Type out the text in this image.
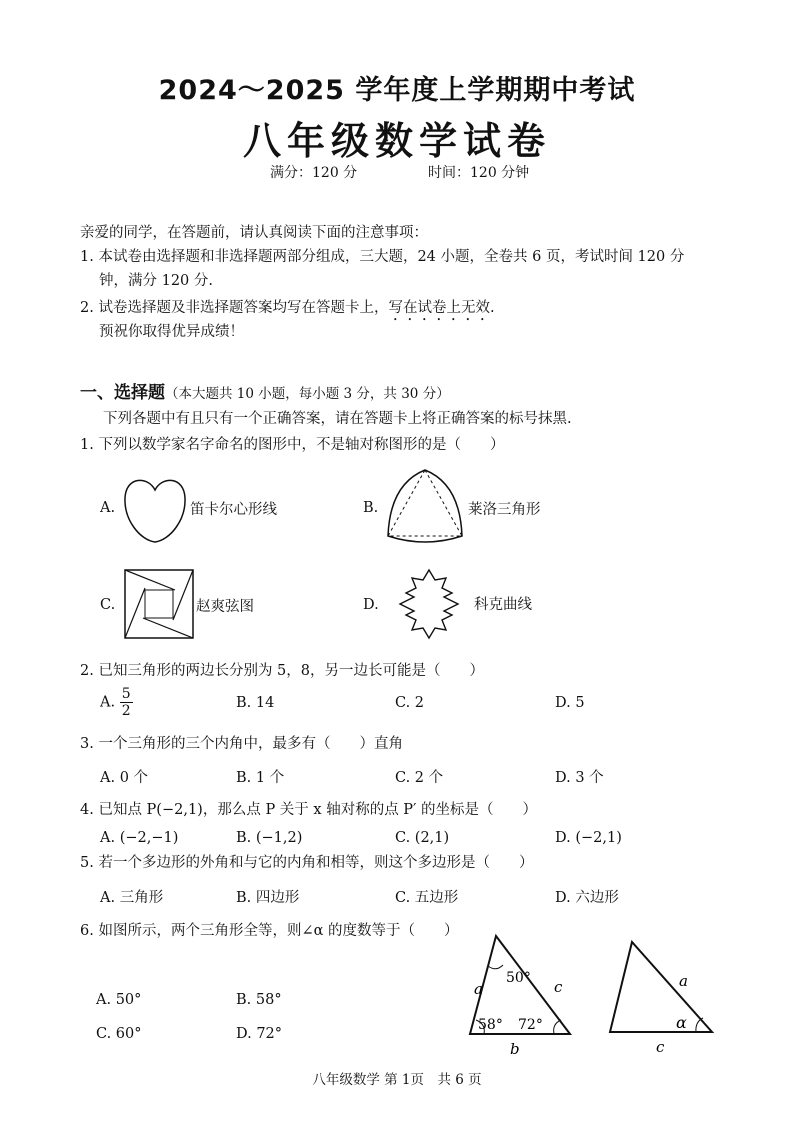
2024～2025 学年度上学期期中考试
八年级数学试卷
满分：120 分	时间：120 分钟
亲爱的同学，在答题前，请认真阅读下面的注意事项：
1. 本试卷由选择题和非选择题两部分组成，三大题，24 小题，全卷共 6 页，考试时间 120 分
钟，满分 120 分.
2. 试卷选择题及非选择题答案均写在答题卡上，写在试卷上无效.
预祝你取得优异成绩！
一、选择题（本大题共 10 小题，每小题 3 分，共 30 分）
下列各题中有且只有一个正确答案，请在答题卡上将正确答案的标号抹黑.
1. 下列以数学家名字命名的图形中，不是轴对称图形的是（　　）
A.	笛卡尔心形线	B.	莱洛三角形
C.	赵爽弦图	D.	科克曲线
2. 已知三角形的两边长分别为 5，8，另一边长可能是（　　）
A. $\frac{5}{2}$	B. 14	C. 2	D. 5
3. 一个三角形的三个内角中，最多有（　　）直角
A. 0 个	B. 1 个	C. 2 个	D. 3 个
4. 已知点 P(−2,1)，那么点 P 关于 x 轴对称的点 P′ 的坐标是（　　）
A. (−2,−1)	B. (−1,2)	C. (2,1)	D. (−2,1)
5. 若一个多边形的外角和与它的内角和相等，则这个多边形是（　　）
A. 三角形	B. 四边形	C. 五边形	D. 六边形
6. 如图所示，两个三角形全等，则∠α 的度数等于（　　）
A. 50°	B. 58°
C. 60°	D. 72°
50°
58° 72°
a	c
b
α
a
c
八年级数学 第 1页　共 6 页
